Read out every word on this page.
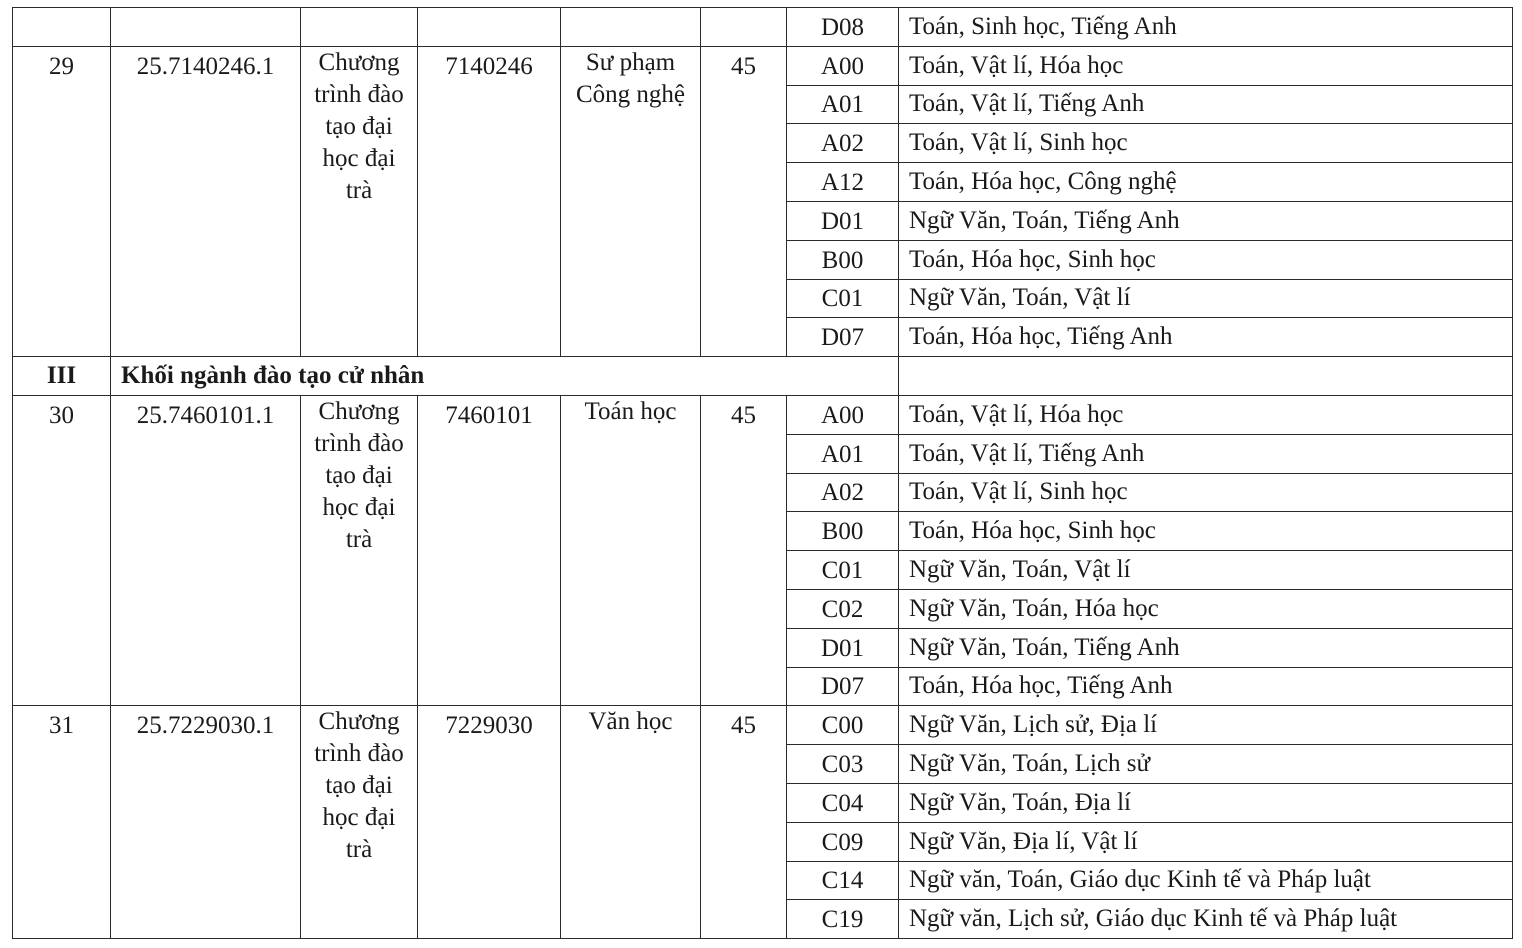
						D08	Toán, Sinh học, Tiếng Anh
29	25.7140246.1	Chương trình đào tạo đại học đại trà	7140246	Sư phạm Công nghệ	45	A00	Toán, Vật lí, Hóa học
						A01	Toán, Vật lí, Tiếng Anh
						A02	Toán, Vật lí, Sinh học
						A12	Toán, Hóa học, Công nghệ
						D01	Ngữ Văn, Toán, Tiếng Anh
						B00	Toán, Hóa học, Sinh học
						C01	Ngữ Văn, Toán, Vật lí
						D07	Toán, Hóa học, Tiếng Anh
III	Khối ngành đào tạo cử nhân						
30	25.7460101.1	Chương trình đào tạo đại học đại trà	7460101	Toán học	45	A00	Toán, Vật lí, Hóa học
						A01	Toán, Vật lí, Tiếng Anh
						A02	Toán, Vật lí, Sinh học
						B00	Toán, Hóa học, Sinh học
						C01	Ngữ Văn, Toán, Vật lí
						C02	Ngữ Văn, Toán, Hóa học
						D01	Ngữ Văn, Toán, Tiếng Anh
						D07	Toán, Hóa học, Tiếng Anh
31	25.7229030.1	Chương trình đào tạo đại học đại trà	7229030	Văn học	45	C00	Ngữ Văn, Lịch sử, Địa lí
						C03	Ngữ Văn, Toán, Lịch sử
						C04	Ngữ Văn, Toán, Địa lí
						C09	Ngữ Văn, Địa lí, Vật lí
						C14	Ngữ văn, Toán, Giáo dục Kinh tế và Pháp luật
						C19	Ngữ văn, Lịch sử, Giáo dục Kinh tế và Pháp luật
